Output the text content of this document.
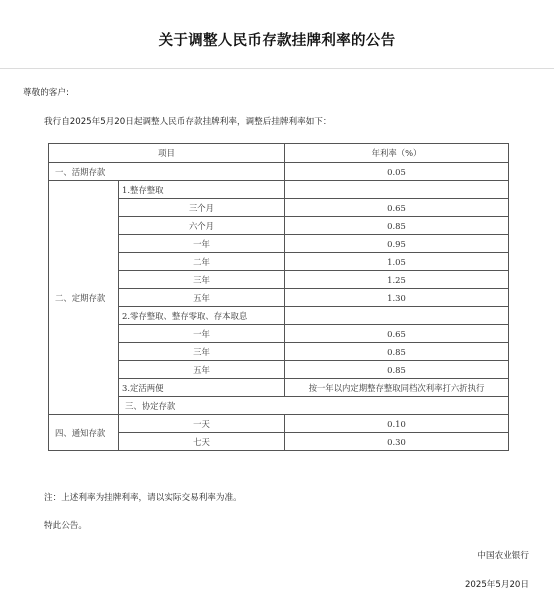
关于调整人民币存款挂牌利率的公告
尊敬的客户:
我行自2025年5月20日起调整人民币存款挂牌利率，调整后挂牌利率如下：
项目		年利率（%）	
一、活期存款		0.05	
二、定期存款	1.整存整取		
	三个月	0.65	
	六个月	0.85	
	一年	0.95	
	二年	1.05	
	三年	1.25	
	五年	1.30	
	2.零存整取、整存零取、存本取息		
	一年	0.65	
	三年	0.85	
	五年	0.85	
	3.定活两便	按一年以内定期整存整取同档次利率打六折执行	
	三、协定存款	
四、通知存款	一天	0.10	
	七天	0.30	
注：上述利率为挂牌利率，请以实际交易利率为准。
特此公告。
中国农业银行
2025年5月20日
